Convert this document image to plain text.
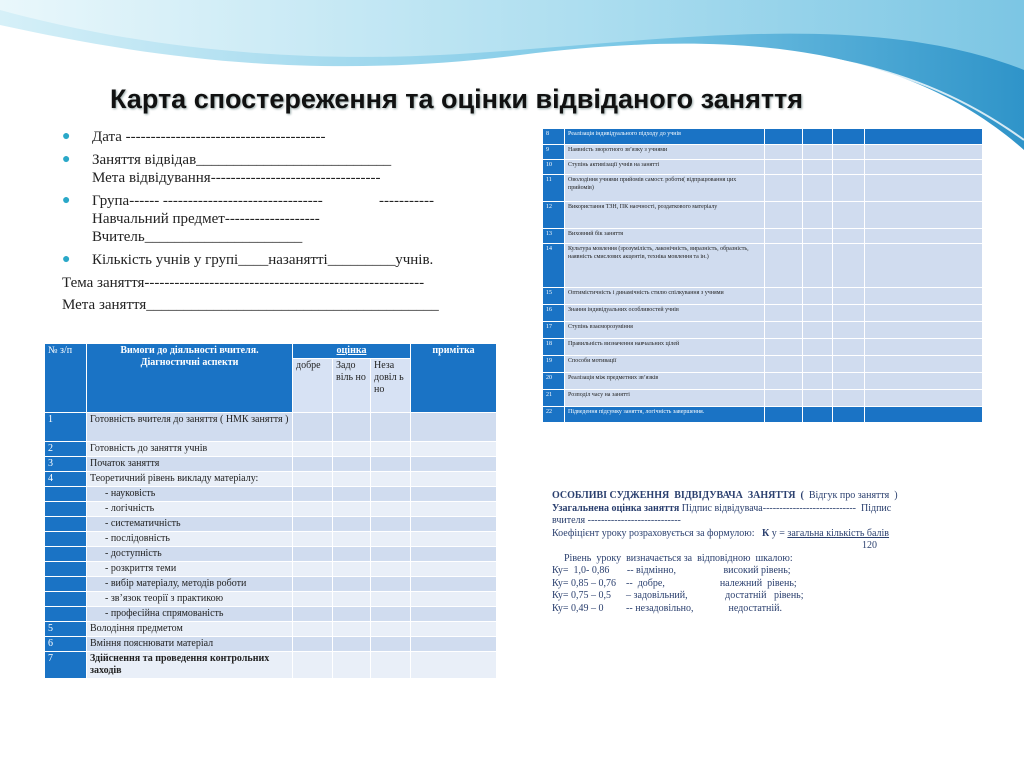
Карта спостереження та оцінки відвіданого заняття
● Дата ----------------------------------------
● Заняття відвідав__________________________
Мета відвідування----------------------------------
● Група------ --------------------------------               -----------
Навчальний предмет-------------------
Вчитель_____________________
● Кількість учнів у групі____назанятті_________учнів.
Тема заняття--------------------------------------------------------
Мета заняття_______________________________________
№ з/п	Вимоги до діяльності вчителя. Діагностичні аспекти	оцінка			примітка
		добре	Задо віль но	Неза довіл ь но	
1	Готовність вчителя до заняття ( НМК заняття )				
2	Готовність до заняття учнів				
3	Початок заняття				
4	Теоретичний рівень викладу матеріалу:				
	- науковість				
	- логічність				
	- систематичність				
	- послідовність				
	- доступність				
	- розкриття теми				
	- вибір матеріалу, методів роботи				
	- зв’язок теорії з практикою				
	- професійна спрямованість				
5	Володіння предметом				
6	Вміння пояснювати матеріал				
7	Здійснення та проведення контрольних заходів				
8	Реалізація індивідуального підходу до учнів				
9	Наявність зворотного зв’язку з учнями				
10	Ступінь активізації учнів на занятті				
11	Оволодіння учнями прийомів самост. роботи( відпрацювання цих прийомів)				
12	Використання ТЗН, ПК наочності, роздаткового матеріалу				
13	Виховний бік заняття				
14	Культура мовлення (зрозумілість, лаконічність, виразність, образність, наявність смислових акцентів, техніка мовлення та ін.)				
15	Оптимістичність і динамічність стилю спілкування з учнями				
16	Знання індивідуальних особливостей учнів				
17	Ступінь взаєморозуміння				
18	Правильність визначення навчальних цілей				
19	Способи мотивації				
20	Реалізація між предметних зв’язків				
21	Розподіл часу на занятті				
22	Підведення підсумку заняття, логічність завершення.				

ОСОБЛИВІ СУДЖЕННЯ  ВІДВІДУВАЧА  ЗАНЯТТЯ  (  Відгук про заняття  )

Узагальнена оцінка заняття Підпис відвідувача----------------------------  Підпис

вчителя ----------------------------

Коефіцієнт уроку розраховується за формулою:   К у = загальна кількість балів

120

Рівень  уроку  визначається за  відповідною  шкалою:

Ку=  1,0- 0,86       -- відмінно,                   високий рівень;

Ку= 0,85 – 0,76    --  добре,                      належний  рівень;

Ку= 0,75 – 0,5      – задовільний,               достатній   рівень;

Ку= 0,49 – 0         -- незадовільно,              недостатній.
